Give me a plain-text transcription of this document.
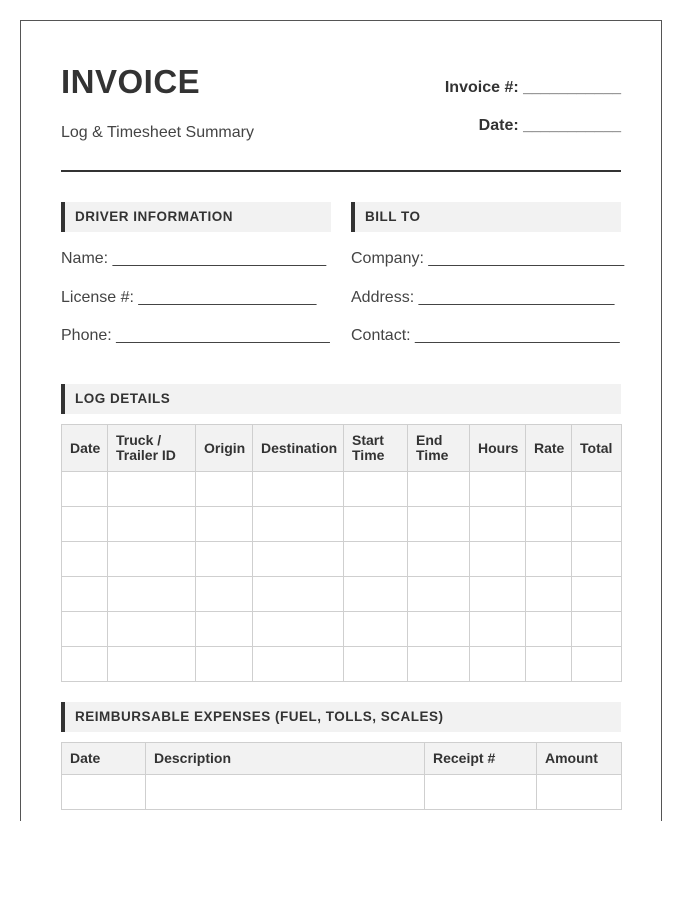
INVOICE
Log & Timesheet Summary
Invoice #: ___________
Date: ___________
DRIVER INFORMATION	BILL TO
Name: ________________________
License #: ____________________
Phone: ________________________
Company: ______________________
Address: ______________________
Contact: _______________________
LOG DETAILS
Date	Truck / Trailer ID	Origin	Destination	Start Time	End Time	Hours	Rate	Total

REIMBURSABLE EXPENSES (FUEL, TOLLS, SCALES)
Date	Description	Receipt #	Amount
